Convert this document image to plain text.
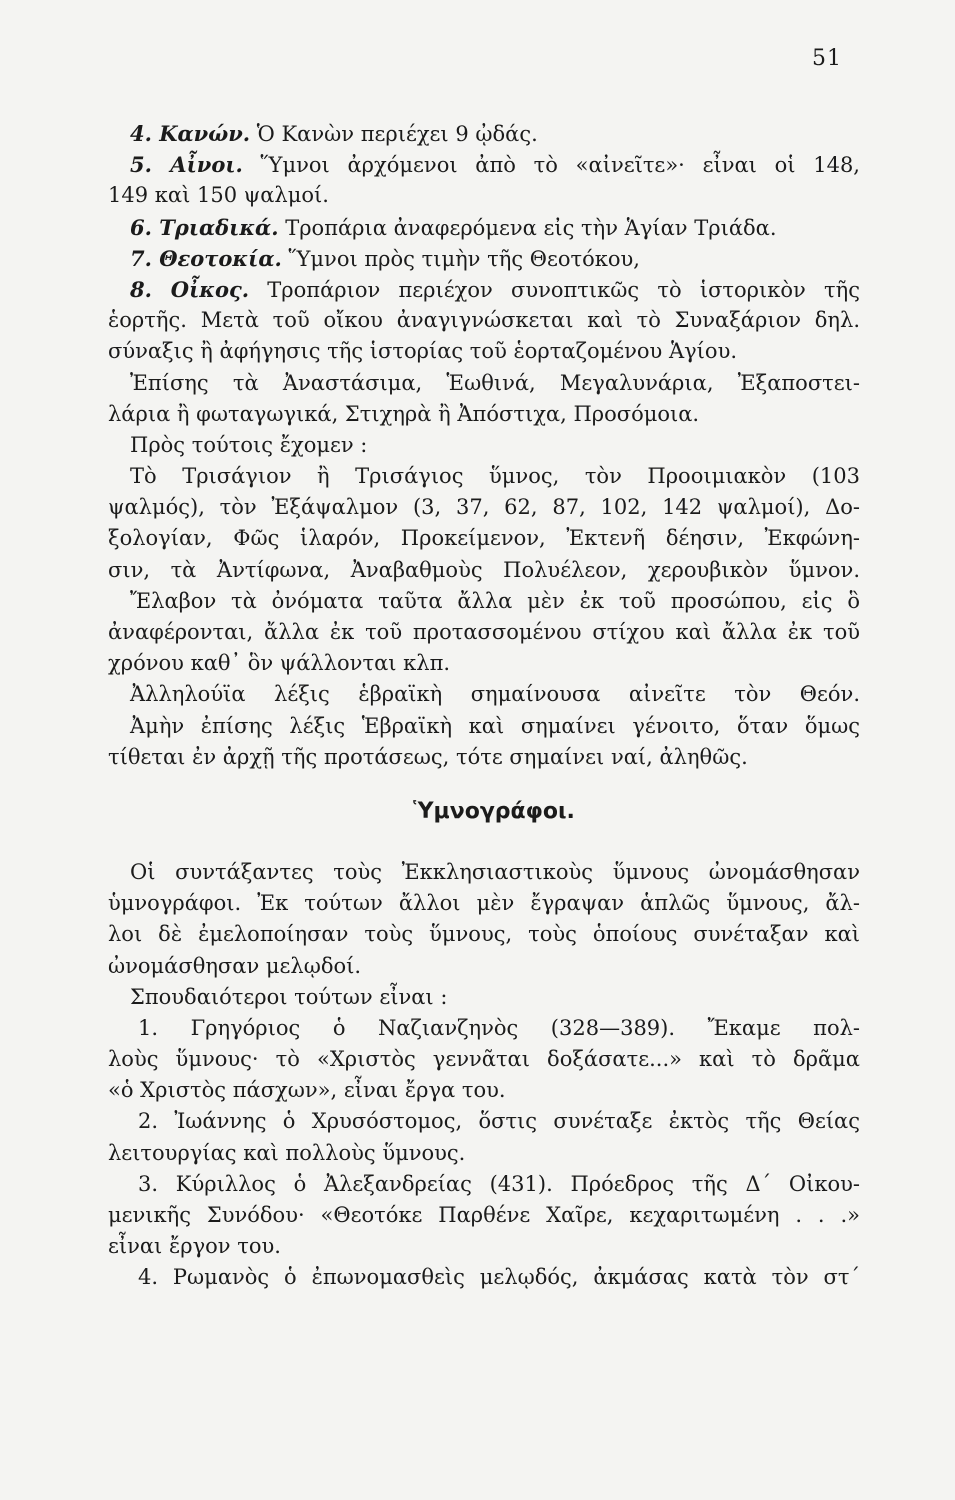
51
4. Κανών. Ὁ Κανὼν περιέχει 9 ᾠδάς.
5. Αἶνοι. Ὕμνοι ἀρχόμενοι ἀπὸ τὸ «αἰνεῖτε»· εἶναι οἱ 148,
149 καὶ 150 ψαλμοί.
6. Τριαδικά. Τροπάρια ἀναφερόμενα εἰς τὴν Ἁγίαν Τριάδα.
7. Θεοτοκία. Ὕμνοι πρὸς τιμὴν τῆς Θεοτόκου,
8. Οἶκος. Τροπάριον περιέχον συνοπτικῶς τὸ ἱστορικὸν τῆς
ἑορτῆς. Μετὰ τοῦ οἴκου ἀναγιγνώσκεται καὶ τὸ Συναξάριον δηλ.
σύναξις ἢ ἀφήγησις τῆς ἱστορίας τοῦ ἑορταζομένου Ἁγίου.
Ἐπίσης τὰ Ἀναστάσιμα, Ἑωθινά, Μεγαλυνάρια, Ἐξαποστει-
λάρια ἢ φωταγωγικά, Στιχηρὰ ἢ Ἀπόστιχα, Προσόμοια.
Πρὸς τούτοις ἔχομεν :
Τὸ Τρισάγιον ἢ Τρισάγιος ὕμνος, τὸν Προοιμιακὸν (103
ψαλμός), τὸν Ἐξάψαλμον (3, 37, 62, 87, 102, 142 ψαλμοί), Δο-
ξολογίαν, Φῶς ἱλαρόν, Προκείμενον, Ἐκτενῆ δέησιν, Ἐκφώνη-
σιν, τὰ Ἀντίφωνα, Ἀναβαθμοὺς Πολυέλεον, χερουβικὸν ὕμνον.
Ἔλαβον τὰ ὀνόματα ταῦτα ἄλλα μὲν ἐκ τοῦ προσώπου, εἰς ὃ
ἀναφέρονται, ἄλλα ἐκ τοῦ προτασσομένου στίχου καὶ ἄλλα ἐκ τοῦ
χρόνου καθ᾽ ὃν ψάλλονται κλπ.
Ἀλληλούϊα λέξις ἑβραϊκὴ σημαίνουσα αἰνεῖτε τὸν Θεόν.
Ἀμὴν ἐπίσης λέξις Ἑβραϊκὴ καὶ σημαίνει γένοιτο, ὅταν ὅμως
τίθεται ἐν ἀρχῇ τῆς προτάσεως, τότε σημαίνει ναί, ἀληθῶς.
Ὑμνογράφοι.
Οἱ συντάξαντες τοὺς Ἐκκλησιαστικοὺς ὕμνους ὠνομάσθησαν
ὑμνογράφοι. Ἐκ τούτων ἄλλοι μὲν ἔγραψαν ἁπλῶς ὕμνους, ἄλ-
λοι δὲ ἐμελοποίησαν τοὺς ὕμνους, τοὺς ὁποίους συνέταξαν καὶ
ὠνομάσθησαν μελῳδοί.
Σπουδαιότεροι τούτων εἶναι :
1. Γρηγόριος ὁ Ναζιανζηνὸς (328—389). Ἔκαμε πολ-
λοὺς ὕμνους· τὸ «Χριστὸς γεννᾶται δοξάσατε...» καὶ τὸ δρᾶμα
«ὁ Χριστὸς πάσχων», εἶναι ἔργα του.
2. Ἰωάννης ὁ Χρυσόστομος, ὅστις συνέταξε ἐκτὸς τῆς Θείας
λειτουργίας καὶ πολλοὺς ὕμνους.
3. Κύριλλος ὁ Ἀλεξανδρείας (431). Πρόεδρος τῆς Δ΄ Οἰκου-
μενικῆς Συνόδου· «Θεοτόκε Παρθένε Χαῖρε, κεχαριτωμένη . . .»
εἶναι ἔργον του.
4. Ρωμανὸς ὁ ἐπωνομασθεὶς μελῳδός, ἀκμάσας κατὰ τὸν στ΄
